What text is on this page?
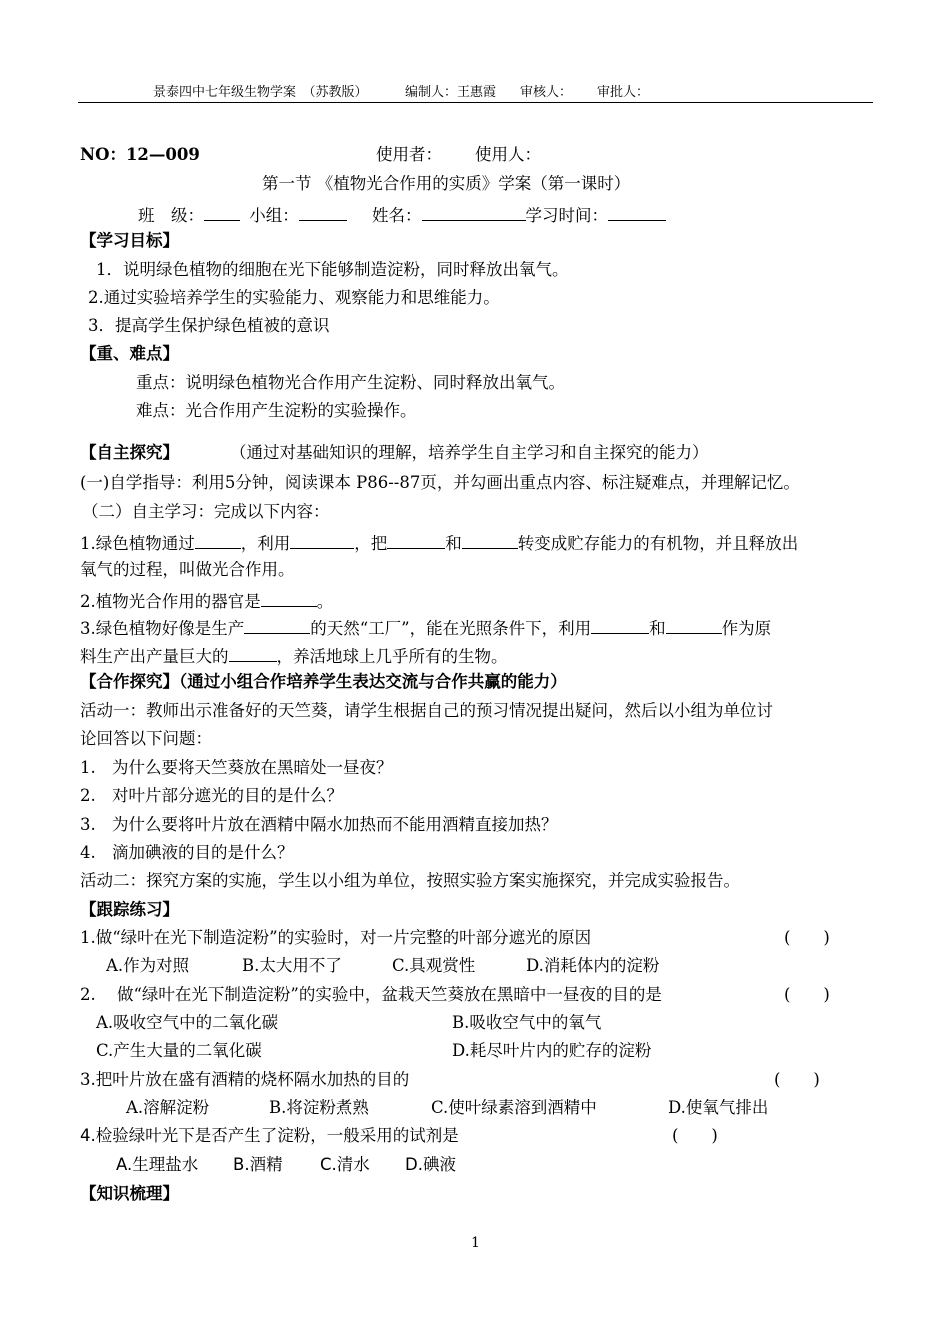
景泰四中七年级生物学案　（苏教版）	编制人：王惠霞 审核人： 审批人：
NO：12—009	使用者： 使用人：
第一节 《植物光合作用的实质》学案（第一课时）
班　级：	小组：	姓名：	学习时间：
【学习目标】
1．说明绿色植物的细胞在光下能够制造淀粉，同时释放出氧气。
2.通过实验培养学生的实验能力、观察能力和思维能力。
3．提高学生保护绿色植被的意识
【重、难点】
重点：说明绿色植物光合作用产生淀粉、同时释放出氧气。
难点：光合作用产生淀粉的实验操作。
【自主探究】	（通过对基础知识的理解，培养学生自主学习和自主探究的能力）
(一)自学指导：利用5分钟，阅读课本 P86--87页，并勾画出重点内容、标注疑难点，并理解记忆。
（二）自主学习：完成以下内容：
1.绿色植物通过	，利用	，把	和	转变成贮存能力的有机物，并且释放出
氧气的过程，叫做光合作用。
2.植物光合作用的器官是	。
3.绿色植物好像是生产	的天然“工厂”，能在光照条件下，利用	和	作为原
料生产出产量巨大的	，养活地球上几乎所有的生物。
【合作探究】（通过小组合作培养学生表达交流与合作共赢的能力）
活动一：教师出示准备好的天竺葵，请学生根据自己的预习情况提出疑问，然后以小组为单位讨
论回答以下问题：
1. 为什么要将天竺葵放在黑暗处一昼夜？
2. 对叶片部分遮光的目的是什么？
3. 为什么要将叶片放在酒精中隔水加热而不能用酒精直接加热？
4. 滴加碘液的目的是什么？
活动二：探究方案的实施，学生以小组为单位，按照实验方案实施探究，并完成实验报告。
【跟踪练习】
1.做“绿叶在光下制造淀粉”的实验时，对一片完整的叶部分遮光的原因	(　　)
A.作为对照	B.太大用不了	C.具观赏性	D.消耗体内的淀粉
2. 做“绿叶在光下制造淀粉”的实验中，盆栽天竺葵放在黑暗中一昼夜的目的是	(　　)
A.吸收空气中的二氧化碳	B.吸收空气中的氧气
C.产生大量的二氧化碳	D.耗尽叶片内的贮存的淀粉
3.把叶片放在盛有酒精的烧杯隔水加热的目的	(　　)
A.溶解淀粉	B.将淀粉煮熟	C.使叶绿素溶到酒精中	D.使氧气排出
4.检验绿叶光下是否产生了淀粉，一般采用的试剂是	(　　)
A.生理盐水 B.酒精 C.清水 D.碘液
【知识梳理】
1
